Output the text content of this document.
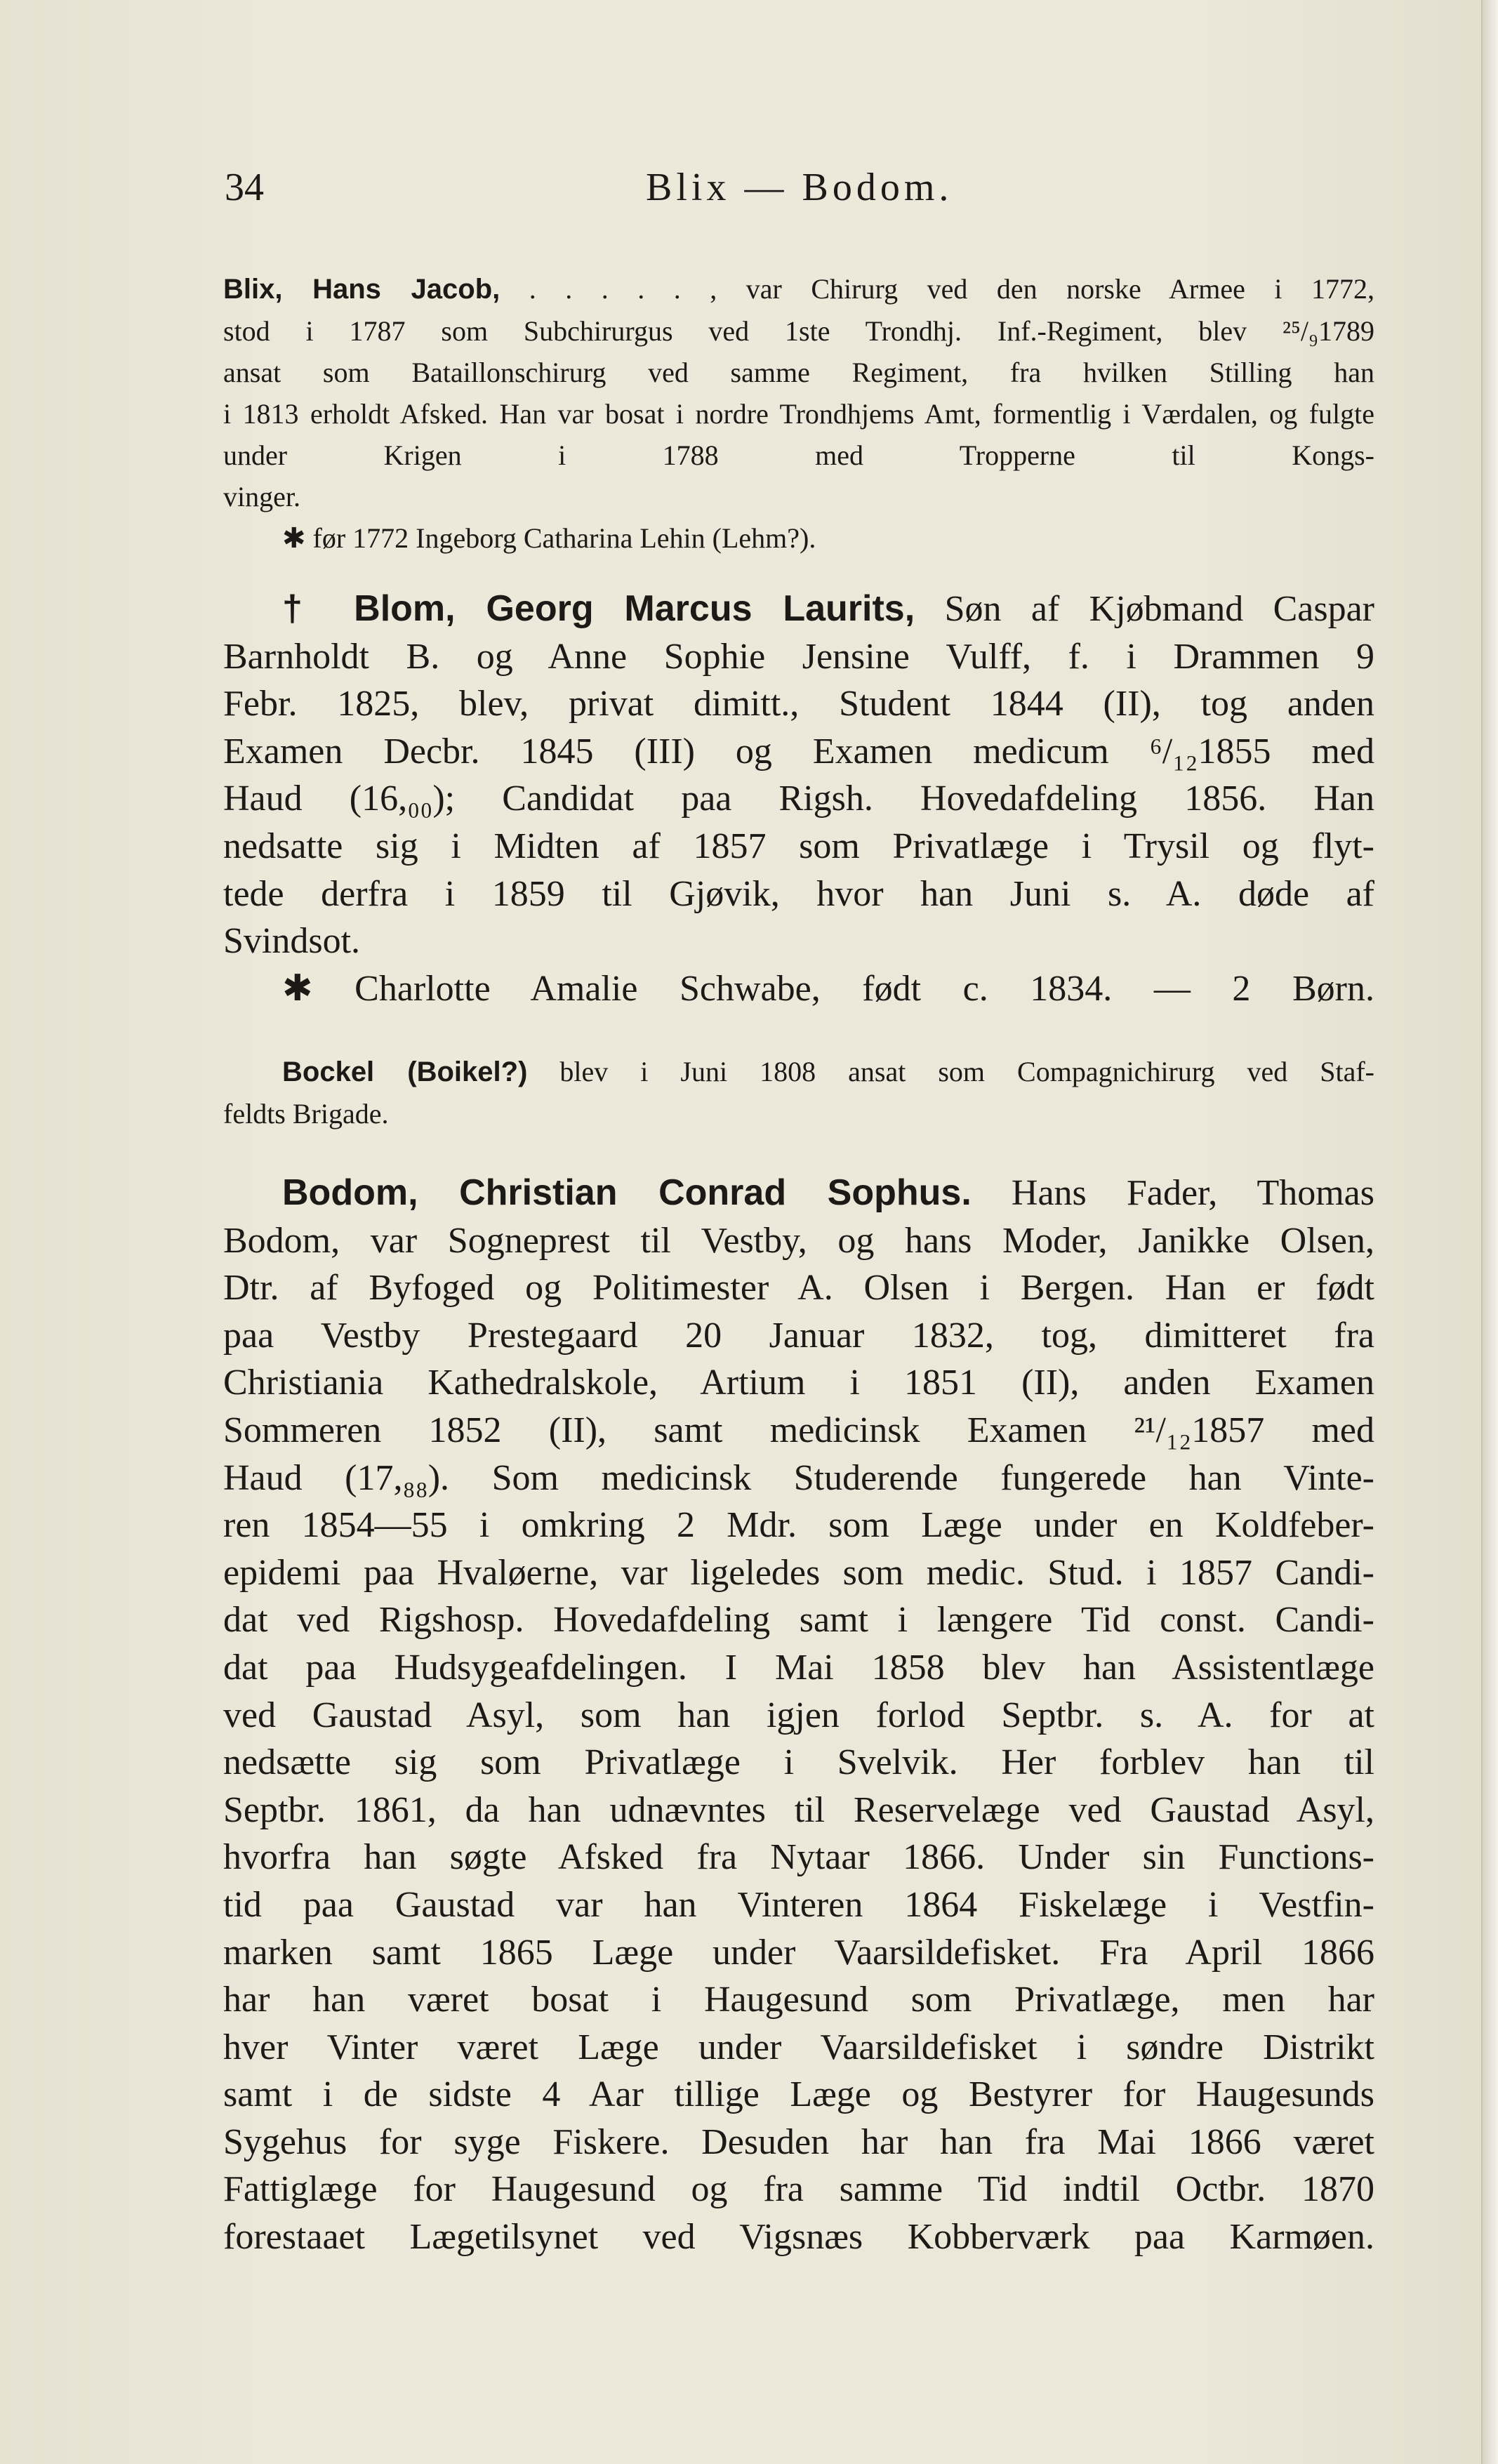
34	Blix — Bodom.
Blix, Hans Jacob, . . . . . , var Chirurg ved den norske Armee i 1772,
stod i 1787 som Subchirurgus ved 1ste Trondhj. Inf.-Regiment, blev ²⁵/₉1789
ansat som Bataillonschirurg ved samme Regiment, fra hvilken Stilling han
i 1813 erholdt Afsked. Han var bosat i nordre Trondhjems Amt, formentlig i Værdalen, og fulgte under Krigen i 1788 med Tropperne til Kongs-
vinger.
✱ før 1772 Ingeborg Catharina Lehin (Lehm?).
† Blom, Georg Marcus Laurits, Søn af Kjøbmand Caspar
Barnholdt B. og Anne Sophie Jensine Vulff, f. i Drammen 9
Febr. 1825, blev, privat dimitt., Student 1844 (II), tog anden
Examen Decbr. 1845 (III) og Examen medicum ⁶/₁₂1855 med
Haud (16,₀₀); Candidat paa Rigsh. Hovedafdeling 1856. Han
nedsatte sig i Midten af 1857 som Privatlæge i Trysil og flyt-
tede derfra i 1859 til Gjøvik, hvor han Juni s. A. døde af
Svindsot.
✱ Charlotte Amalie Schwabe, født c. 1834. — 2 Børn.
Bockel (Boikel?) blev i Juni 1808 ansat som Compagnichirurg ved Staf-
feldts Brigade.
Bodom, Christian Conrad Sophus. Hans Fader, Thomas
Bodom, var Sogneprest til Vestby, og hans Moder, Janikke Olsen,
Dtr. af Byfoged og Politimester A. Olsen i Bergen. Han er født
paa Vestby Prestegaard 20 Januar 1832, tog, dimitteret fra
Christiania Kathedralskole, Artium i 1851 (II), anden Examen
Sommeren 1852 (II), samt medicinsk Examen ²¹/₁₂1857 med
Haud (17,₈₈). Som medicinsk Studerende fungerede han Vinte-
ren 1854—55 i omkring 2 Mdr. som Læge under en Koldfeber-
epidemi paa Hvaløerne, var ligeledes som medic. Stud. i 1857 Candi-
dat ved Rigshosp. Hovedafdeling samt i længere Tid const. Candi-
dat paa Hudsygeafdelingen. I Mai 1858 blev han Assistentlæge
ved Gaustad Asyl, som han igjen forlod Septbr. s. A. for at
nedsætte sig som Privatlæge i Svelvik. Her forblev han til
Septbr. 1861, da han udnævntes til Reservelæge ved Gaustad Asyl,
hvorfra han søgte Afsked fra Nytaar 1866. Under sin Functions-
tid paa Gaustad var han Vinteren 1864 Fiskelæge i Vestfin-
marken samt 1865 Læge under Vaarsildefisket. Fra April 1866
har han været bosat i Haugesund som Privatlæge, men har
hver Vinter været Læge under Vaarsildefisket i søndre Distrikt
samt i de sidste 4 Aar tillige Læge og Bestyrer for Haugesunds
Sygehus for syge Fiskere. Desuden har han fra Mai 1866 været
Fattiglæge for Haugesund og fra samme Tid indtil Octbr. 1870
forestaaet Lægetilsynet ved Vigsnæs Kobberværk paa Karmøen.
